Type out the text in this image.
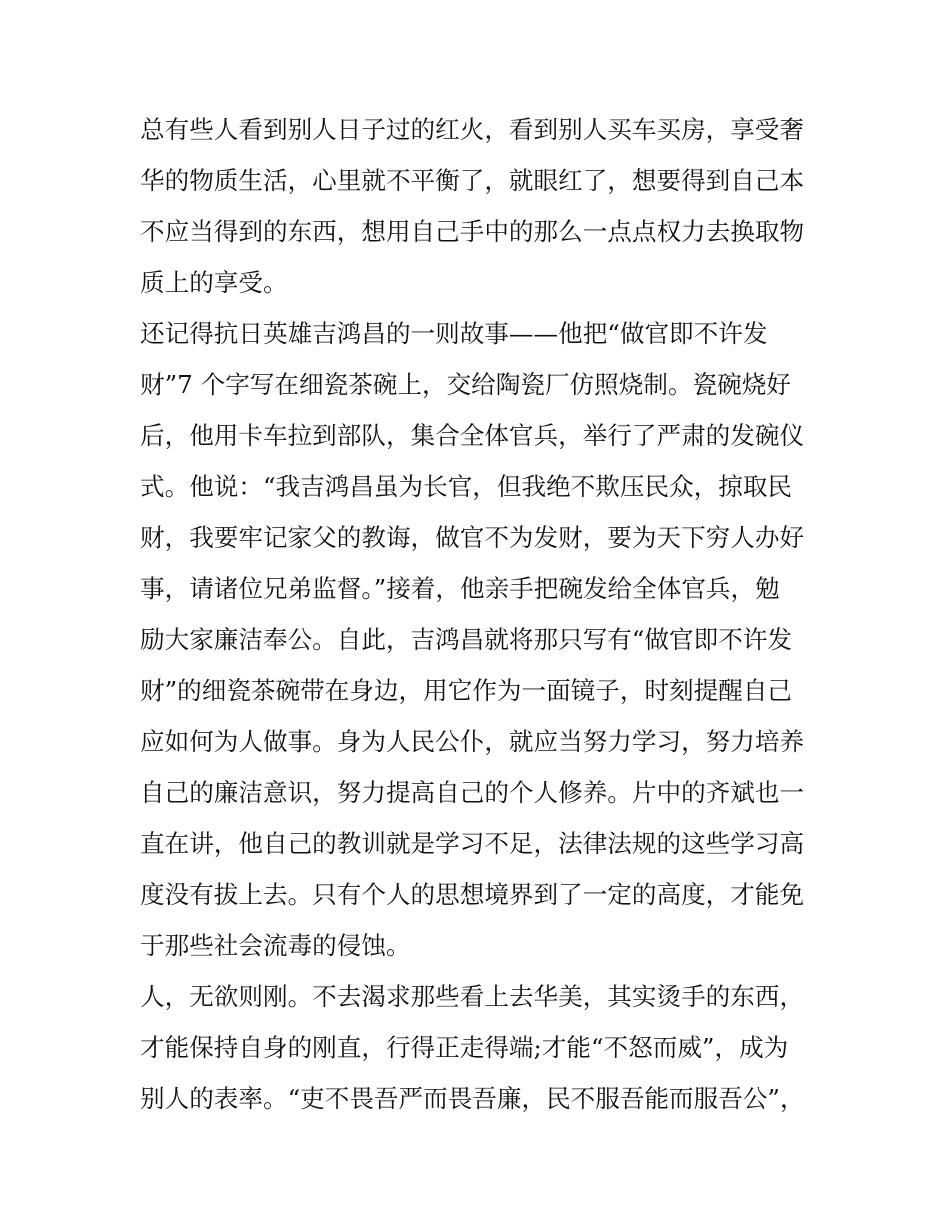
总有些人看到别人日子过的红火，看到别人买车买房，享受奢
华的物质生活，心里就不平衡了，就眼红了，想要得到自己本
不应当得到的东西，想用自己手中的那么一点点权力去换取物
质上的享受。
还记得抗日英雄吉鸿昌的一则故事——他把“做官即不许发
财”7 个字写在细瓷茶碗上，交给陶瓷厂仿照烧制。瓷碗烧好
后，他用卡车拉到部队，集合全体官兵，举行了严肃的发碗仪
式。他说：“我吉鸿昌虽为长官，但我绝不欺压民众，掠取民
财，我要牢记家父的教诲，做官不为发财，要为天下穷人办好
事，请诸位兄弟监督。”接着，他亲手把碗发给全体官兵，勉
励大家廉洁奉公。自此，吉鸿昌就将那只写有“做官即不许发
财”的细瓷茶碗带在身边，用它作为一面镜子，时刻提醒自己
应如何为人做事。身为人民公仆，就应当努力学习，努力培养
自己的廉洁意识，努力提高自己的个人修养。片中的齐斌也一
直在讲，他自己的教训就是学习不足，法律法规的这些学习高
度没有拔上去。只有个人的思想境界到了一定的高度，才能免
于那些社会流毒的侵蚀。
人，无欲则刚。不去渴求那些看上去华美，其实烫手的东西，
才能保持自身的刚直，行得正走得端;才能“不怒而威”，成为
别人的表率。“吏不畏吾严而畏吾廉，民不服吾能而服吾公”，
